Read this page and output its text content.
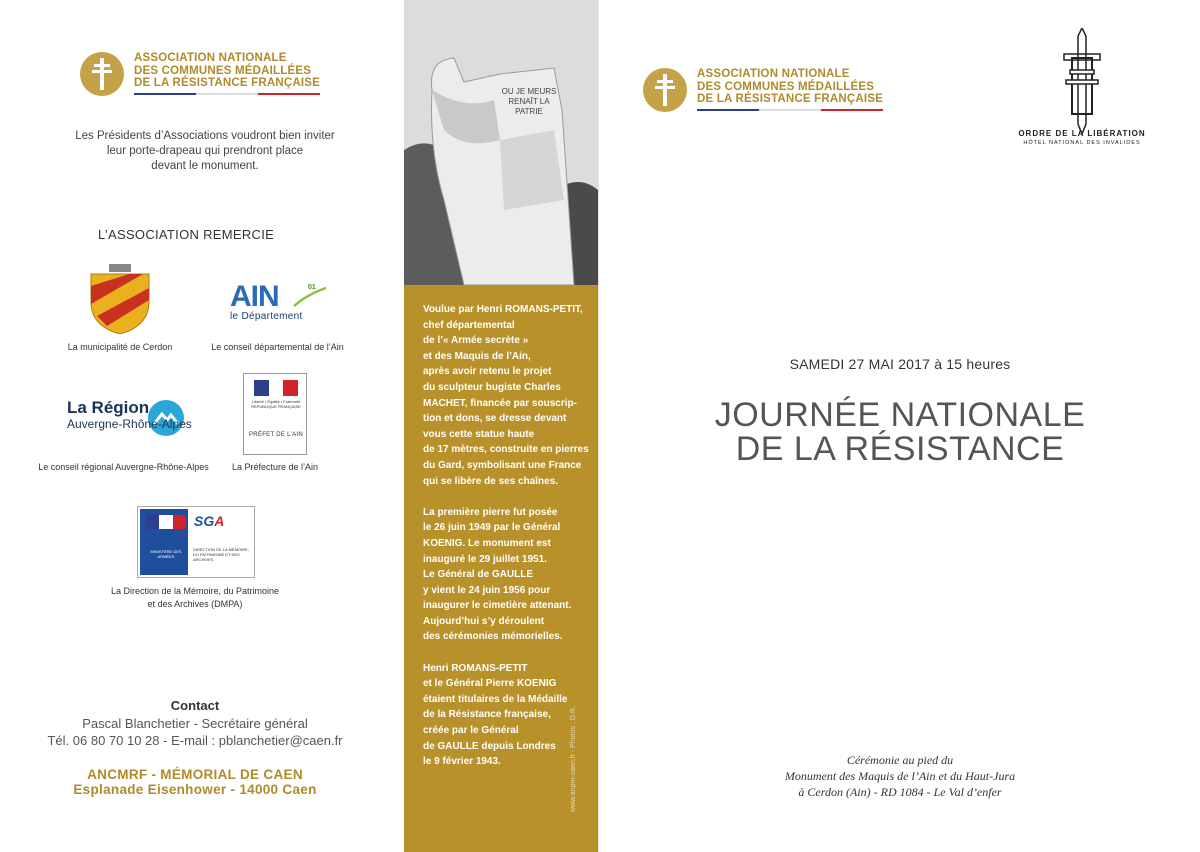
ASSOCIATION NATIONALE
DES COMMUNES MÉDAILLÉES
DE LA RÉSISTANCE FRANÇAISE
Les Présidents d’Associations voudront bien inviter
leur porte-drapeau qui prendront place
devant le monument.
L’ASSOCIATION REMERCIE
La municipalité de Cerdon
AIN	01
le Département
Le conseil départemental de l’Ain
La Région
Auvergne-Rhône-Alpes
Le conseil régional Auvergne-Rhône-Alpes
Liberté • Égalité • Fraternité RÉPUBLIQUE FRANÇAISE
PRÉFET DE L’AIN
La Préfecture de l’Ain
MINISTÈRE DES ARMÉES
SGA
DIRECTION DE LA MÉMOIRE, DU PATRIMOINE ET DES ARCHIVES
La Direction de la Mémoire, du Patrimoine
et des Archives (DMPA)
Contact
Pascal Blanchetier - Secrétaire général
Tél. 06 80 70 10 28 - E-mail : pblanchetier@caen.fr
ANCMRF - MÉMORIAL DE CAEN
Esplanade Eisenhower - 14000 Caen
OU JE MEURS
RENAÎT LA
PATRIE

Voulue par Henri ROMANS-PETIT,
chef départemental
de l’« Armée secrète »
et des Maquis de l’Ain,
après avoir retenu le projet
du sculpteur bugiste Charles
MACHET, financée par souscrip-
tion et dons, se dresse devant
vous cette statue haute
de 17 mètres, construite en pierres
du Gard, symbolisant une France
qui se libère de ses chaînes.

La première pierre fut posée
le 26 juin 1949 par le Général
KOENIG. Le monument est
inauguré le 29 juillet 1951.
Le Général de GAULLE
y vient le 24 juin 1956 pour
inaugurer le cimetière attenant.
Aujourd’hui s’y déroulent
des cérémonies mémorielles.

Henri ROMANS-PETIT
et le Général Pierre KOENIG
étaient titulaires de la Médaille
de la Résistance française,
créée par le Général
de GAULLE depuis Londres
le 9 février 1943.	www.anpm-caen.fr - Photos : D.R.
ASSOCIATION NATIONALE
DES COMMUNES MÉDAILLÉES
DE LA RÉSISTANCE FRANÇAISE
ORDRE DE LA LIBÉRATION
HÔTEL NATIONAL DES INVALIDES
SAMEDI 27 MAI 2017 à 15 heures
JOURNÉE NATIONALE
DE LA RÉSISTANCE
Cérémonie au pied du
Monument des Maquis de l’Ain et du Haut-Jura
à Cerdon (Ain) - RD 1084 - Le Val d’enfer
